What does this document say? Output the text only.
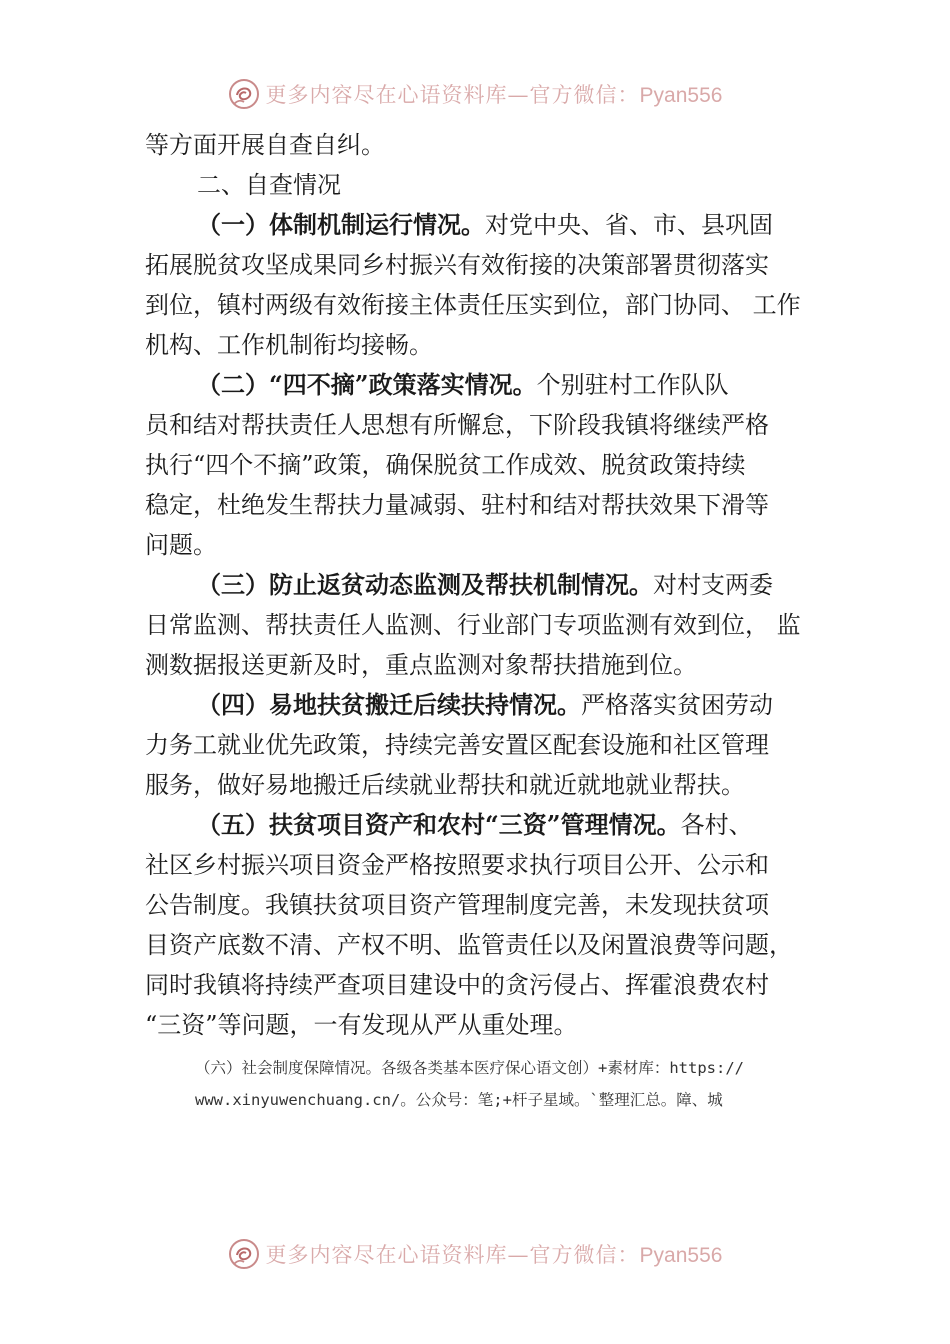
更多内容尽在心语资料库—官方微信：Pyan556
等方面开展自查自纠。
二、自查情况
（一）体制机制运行情况。对党中央、省、市、县巩固
拓展脱贫攻坚成果同乡村振兴有效衔接的决策部署贯彻落实
到位，镇村两级有效衔接主体责任压实到位，部门协同、 工作
机构、工作机制衔均接畅。
（二）“四不摘”政策落实情况。个别驻村工作队队
员和结对帮扶责任人思想有所懈怠，下阶段我镇将继续严格
执行“四个不摘”政策，确保脱贫工作成效、脱贫政策持续
稳定，杜绝发生帮扶力量减弱、驻村和结对帮扶效果下滑等
问题。
（三）防止返贫动态监测及帮扶机制情况。对村支两委
日常监测、帮扶责任人监测、行业部门专项监测有效到位， 监
测数据报送更新及时，重点监测对象帮扶措施到位。
（四）易地扶贫搬迁后续扶持情况。严格落实贫困劳动
力务工就业优先政策，持续完善安置区配套设施和社区管理
服务，做好易地搬迁后续就业帮扶和就近就地就业帮扶。
（五）扶贫项目资产和农村“三资”管理情况。各村、
社区乡村振兴项目资金严格按照要求执行项目公开、公示和
公告制度。我镇扶贫项目资产管理制度完善，未发现扶贫项
目资产底数不清、产权不明、监管责任以及闲置浪费等问题，
同时我镇将持续严查项目建设中的贪污侵占、挥霍浪费农村
“三资”等问题，一有发现从严从重处理。
（六）社会制度保障情况。各级各类基本医疗保心语文创）+素材库：https://
www.xinyuwenchuang.cn/。公众号：笔;+杆子星域。`整理汇总。障、城
更多内容尽在心语资料库—官方微信：Pyan556
